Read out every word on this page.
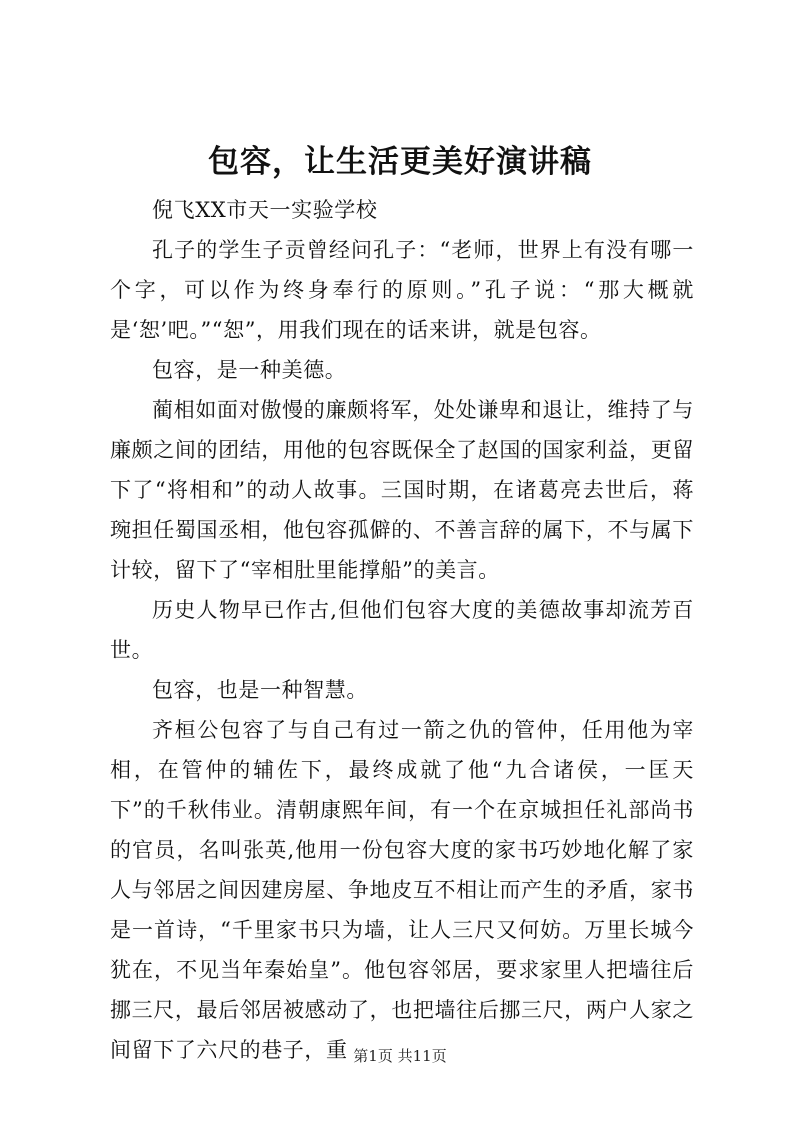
包容，让生活更美好演讲稿

倪飞XX市天一实验学校

孔子的学生子贡曾经问孔子：“老师，世界上有没有哪一个字，可以作为终身奉行的原则。”孔子说：“那大概就是‘恕’吧。”“恕”，用我们现在的话来讲，就是包容。

包容，是一种美德。

蔺相如面对傲慢的廉颇将军，处处谦卑和退让，维持了与廉颇之间的团结，用他的包容既保全了赵国的国家利益，更留下了“将相和”的动人故事。三国时期，在诸葛亮去世后，蒋琬担任蜀国丞相，他包容孤僻的、不善言辞的属下，不与属下计较，留下了“宰相肚里能撑船”的美言。

历史人物早已作古,但他们包容大度的美德故事却流芳百世。

包容，也是一种智慧。

齐桓公包容了与自己有过一箭之仇的管仲，任用他为宰相，在管仲的辅佐下，最终成就了他“九合诸侯，一匡天下”的千秋伟业。清朝康熙年间，有一个在京城担任礼部尚书的官员，名叫张英,他用一份包容大度的家书巧妙地化解了家人与邻居之间因建房屋、争地皮互不相让而产生的矛盾，家书是一首诗，“千里家书只为墙，让人三尺又何妨。万里长城今犹在，不见当年秦始皇”。他包容邻居，要求家里人把墙往后挪三尺，最后邻居被感动了，也把墙往后挪三尺，两户人家之间留下了六尺的巷子，重 第1页 共11页
